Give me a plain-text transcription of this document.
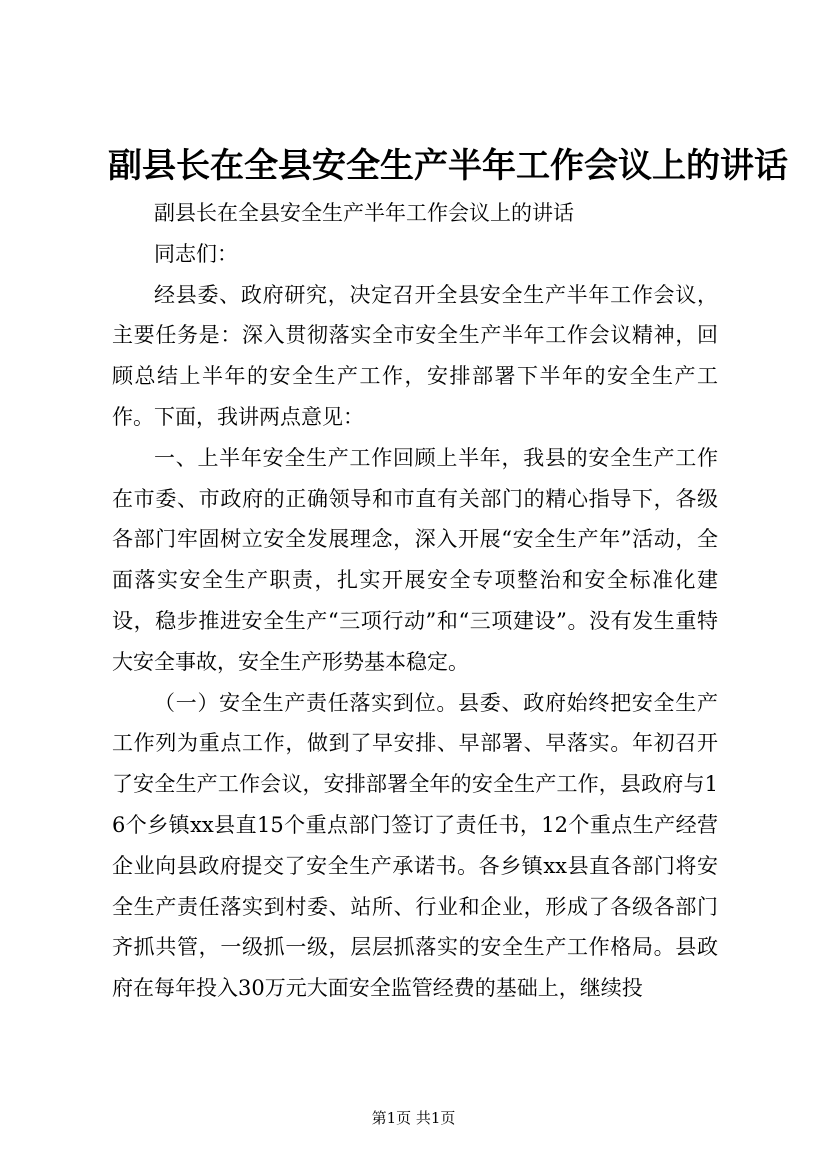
副县长在全县安全生产半年工作会议上的讲话

副县长在全县安全生产半年工作会议上的讲话

同志们：

经县委、政府研究，决定召开全县安全生产半年工作会议，主要任务是：深入贯彻落实全市安全生产半年工作会议精神，回顾总结上半年的安全生产工作，安排部署下半年的安全生产工作。下面，我讲两点意见：

一、上半年安全生产工作回顾上半年，我县的安全生产工作在市委、市政府的正确领导和市直有关部门的精心指导下，各级各部门牢固树立安全发展理念，深入开展“安全生产年”活动，全面落实安全生产职责，扎实开展安全专项整治和安全标准化建设，稳步推进安全生产“三项行动”和“三项建设”。没有发生重特大安全事故，安全生产形势基本稳定。

（一）安全生产责任落实到位。县委、政府始终把安全生产工作列为重点工作，做到了早安排、早部署、早落实。年初召开了安全生产工作会议，安排部署全年的安全生产工作，县政府与16个乡镇xx县直15个重点部门签订了责任书，12个重点生产经营企业向县政府提交了安全生产承诺书。各乡镇xx县直各部门将安全生产责任落实到村委、站所、行业和企业，形成了各级各部门齐抓共管，一级抓一级，层层抓落实的安全生产工作格局。县政府在每年投入30万元大面安全监管经费的基础上，继续投

第1页 共1页
